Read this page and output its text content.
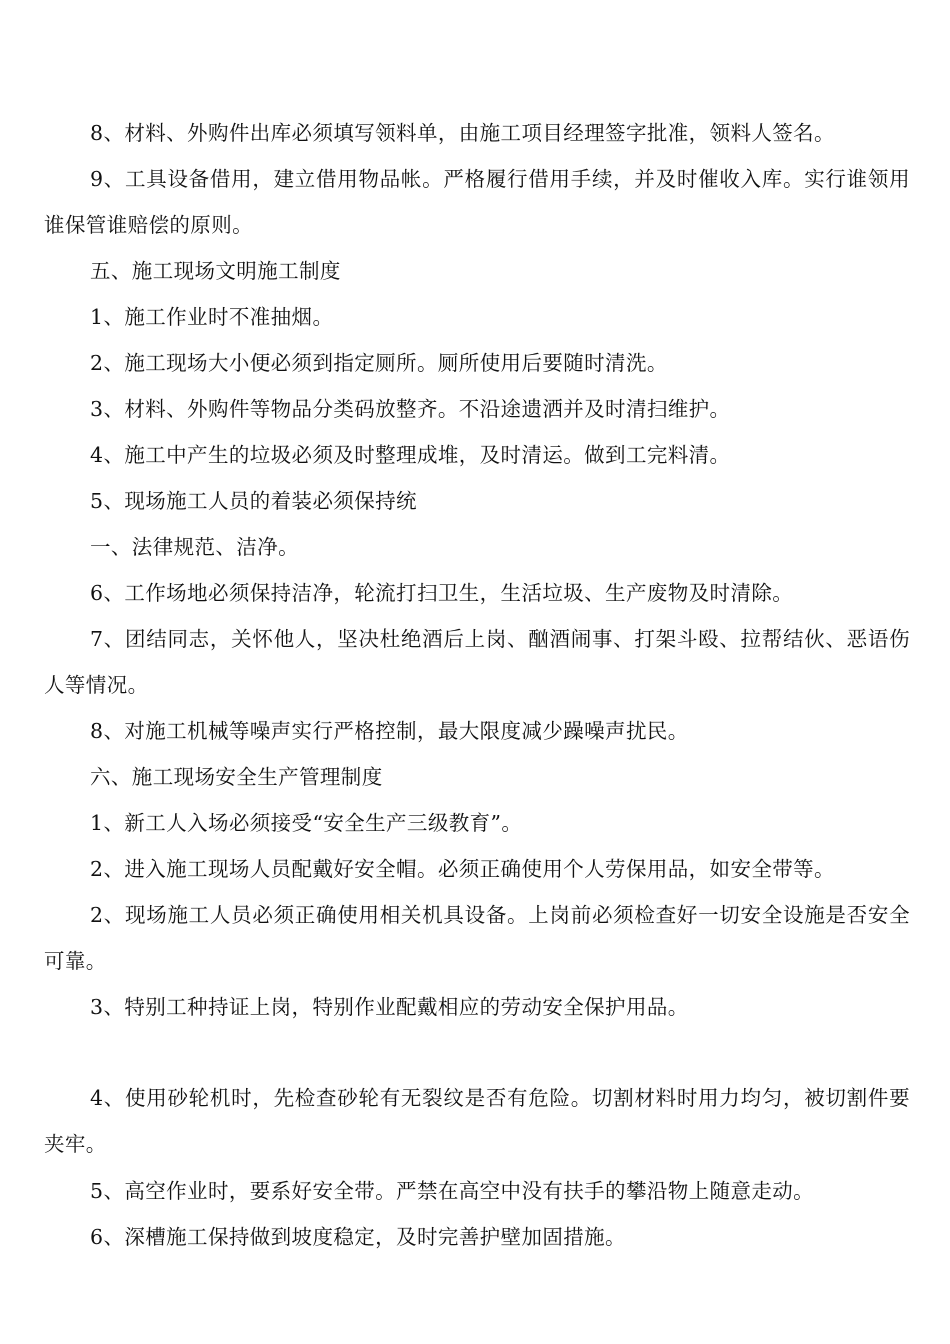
8、材料、外购件出库必须填写领料单，由施工项目经理签字批准，领料人签名。

9、工具设备借用，建立借用物品帐。严格履行借用手续，并及时催收入库。实行谁领用谁保管谁赔偿的原则。

五、施工现场文明施工制度

1、施工作业时不准抽烟。

2、施工现场大小便必须到指定厕所。厕所使用后要随时清洗。

3、材料、外购件等物品分类码放整齐。不沿途遗洒并及时清扫维护。

4、施工中产生的垃圾必须及时整理成堆，及时清运。做到工完料清。

5、现场施工人员的着装必须保持统

一、法律规范、洁净。

6、工作场地必须保持洁净，轮流打扫卫生，生活垃圾、生产废物及时清除。

7、团结同志，关怀他人，坚决杜绝酒后上岗、酗酒闹事、打架斗殴、拉帮结伙、恶语伤人等情况。

8、对施工机械等噪声实行严格控制，最大限度减少躁噪声扰民。

六、施工现场安全生产管理制度

1、新工人入场必须接受“安全生产三级教育”。

2、进入施工现场人员配戴好安全帽。必须正确使用个人劳保用品，如安全带等。

2、现场施工人员必须正确使用相关机具设备。上岗前必须检查好一切安全设施是否安全可靠。

3、特别工种持证上岗，特别作业配戴相应的劳动安全保护用品。

4、使用砂轮机时，先检查砂轮有无裂纹是否有危险。切割材料时用力均匀，被切割件要夹牢。

5、高空作业时，要系好安全带。严禁在高空中没有扶手的攀沿物上随意走动。

6、深槽施工保持做到坡度稳定，及时完善护壁加固措施。
